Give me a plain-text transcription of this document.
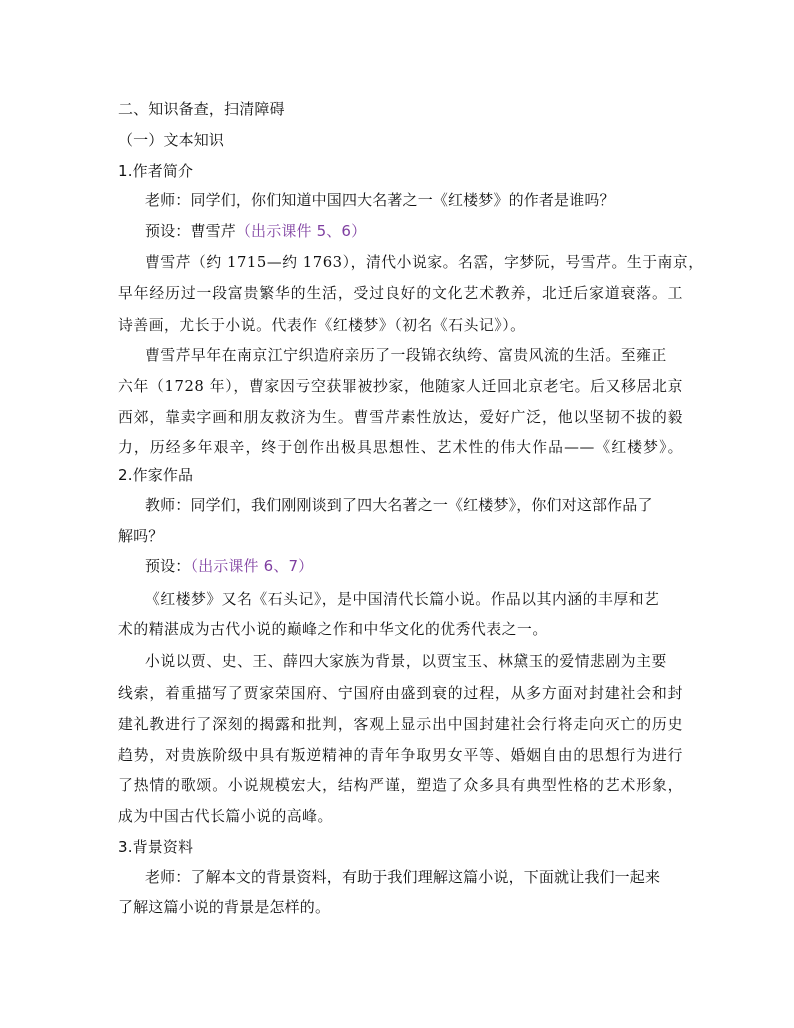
二、知识备查，扫清障碍
（一）文本知识
1.作者简介
老师：同学们，你们知道中国四大名著之一《红楼梦》的作者是谁吗？
预设：曹雪芹（出示课件 5、6）
曹雪芹（约 1715—约 1763），清代小说家。名霑，字梦阮，号雪芹。生于南京，
早年经历过一段富贵繁华的生活，受过良好的文化艺术教养，北迁后家道衰落。工
诗善画，尤长于小说。代表作《红楼梦》（初名《石头记》）。
曹雪芹早年在南京江宁织造府亲历了一段锦衣纨绔、富贵风流的生活。至雍正
六年（1728 年），曹家因亏空获罪被抄家，他随家人迁回北京老宅。后又移居北京
西郊，靠卖字画和朋友救济为生。曹雪芹素性放达，爱好广泛，他以坚韧不拔的毅
力，历经多年艰辛，终于创作出极具思想性、艺术性的伟大作品——《红楼梦》。
2.作家作品
教师：同学们，我们刚刚谈到了四大名著之一《红楼梦》，你们对这部作品了
解吗？
预设：（出示课件 6、7）
《红楼梦》又名《石头记》，是中国清代长篇小说。作品以其内涵的丰厚和艺
术的精湛成为古代小说的巅峰之作和中华文化的优秀代表之一。
小说以贾、史、王、薛四大家族为背景，以贾宝玉、林黛玉的爱情悲剧为主要
线索，着重描写了贾家荣国府、宁国府由盛到衰的过程，从多方面对封建社会和封
建礼教进行了深刻的揭露和批判，客观上显示出中国封建社会行将走向灭亡的历史
趋势，对贵族阶级中具有叛逆精神的青年争取男女平等、婚姻自由的思想行为进行
了热情的歌颂。小说规模宏大，结构严谨，塑造了众多具有典型性格的艺术形象，
成为中国古代长篇小说的高峰。
3.背景资料
老师：了解本文的背景资料，有助于我们理解这篇小说，下面就让我们一起来
了解这篇小说的背景是怎样的。
